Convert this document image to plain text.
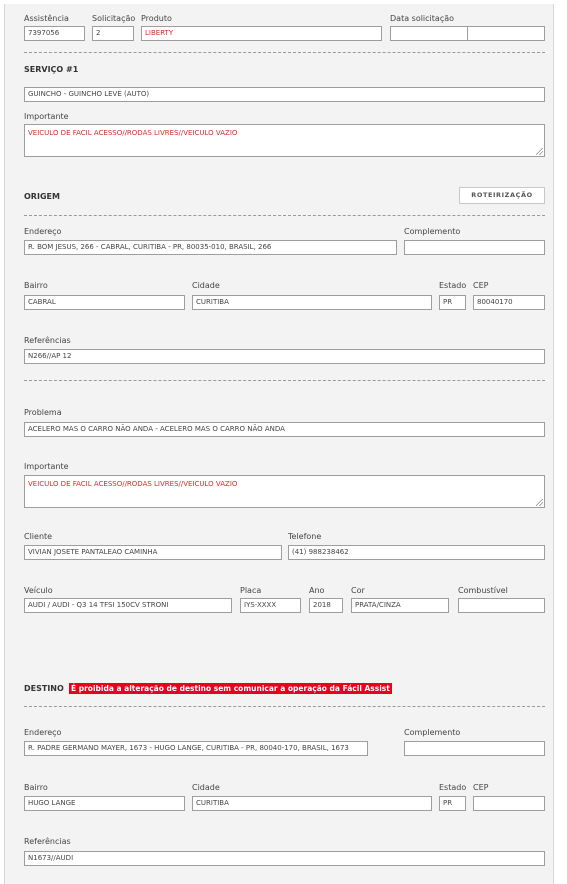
Assistência
7397056
Solicitação
2
Produto
LIBERTY
Data solicitação
SERVIÇO #1
GUINCHO - GUINCHO LEVE (AUTO)
Importante
VEICULO DE FACIL ACESSO//RODAS LIVRES//VEICULO VAZIO
ORIGEM	ROTEIRIZAÇÃO
Endereço
R. BOM JESUS, 266 - CABRAL, CURITIBA - PR, 80035-010, BRASIL, 266
Complemento
Bairro
CABRAL
Cidade
CURITIBA
Estado
PR
CEP
80040170
Referências
N266//AP 12
Problema
ACELERO MAS O CARRO NÃO ANDA - ACELERO MAS O CARRO NÃO ANDA
Importante
VEICULO DE FACIL ACESSO//RODAS LIVRES//VEICULO VAZIO
Cliente
VIVIAN JOSETE PANTALEAO CAMINHA
Telefone
(41) 988238462
Veículo
AUDI / AUDI - Q3 14 TFSI 150CV STRONI
Placa
IYS-XXXX
Ano
2018
Cor
PRATA/CINZA
Combustível
DESTINO É proibida a alteração de destino sem comunicar a operação da Fácil Assist
Endereço
R. PADRE GERMANO MAYER, 1673 - HUGO LANGE, CURITIBA - PR, 80040-170, BRASIL, 1673
Complemento
Bairro
HUGO LANGE
Cidade
CURITIBA
Estado
PR
CEP
Referências
N1673//AUDI
